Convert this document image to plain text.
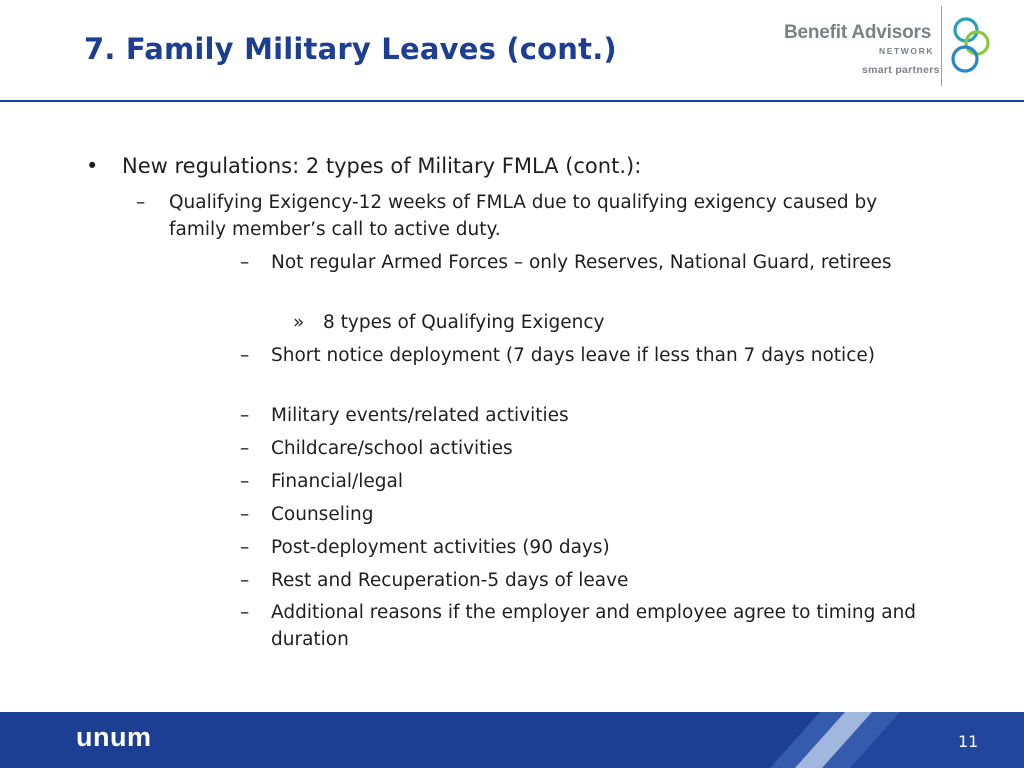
7. Family Military Leaves (cont.)	Benefit Advisors
NETWORK
smart partners
•	New regulations: 2 types of Military FMLA (cont.):
–	Qualifying Exigency-12 weeks of FMLA due to qualifying exigency caused by family member’s call to active duty.
–	Not regular Armed Forces – only Reserves, National Guard, retirees
»	8 types of Qualifying Exigency
–	Short notice deployment (7 days leave if less than 7 days notice)
–	Military events/related activities
–	Childcare/school activities
–	Financial/legal
–	Counseling
–	Post-deployment activities (90 days)
–	Rest and Recuperation-5 days of leave
–	Additional reasons if the employer and employee agree to timing and duration
unum	11
